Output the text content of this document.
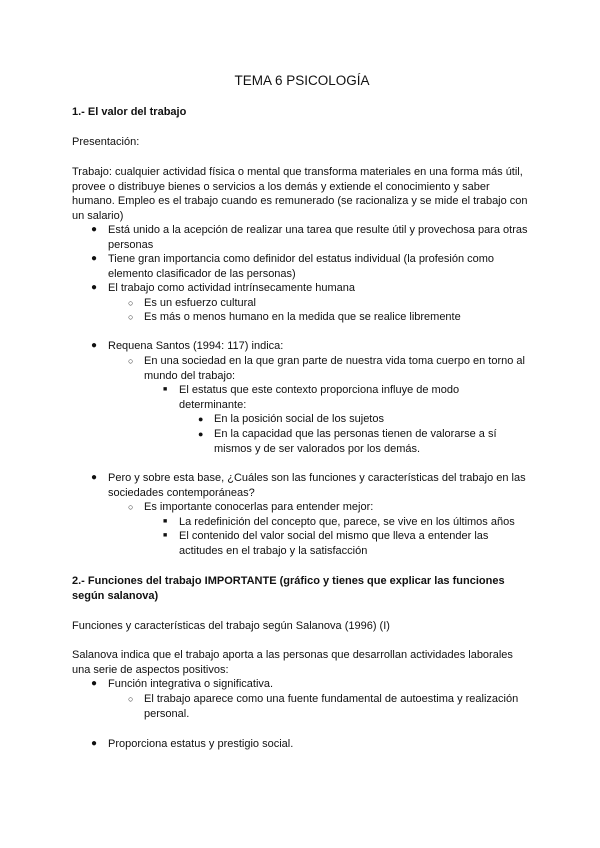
TEMA 6 PSICOLOGÍA
1.- El valor del trabajo
Presentación:
Trabajo: cualquier actividad física o mental que transforma materiales en una forma más útil, provee o distribuye bienes o servicios a los demás y extiende el conocimiento y saber humano. Empleo es el trabajo cuando es remunerado (se racionaliza y se mide el trabajo con un salario)
● Está unido a la acepción de realizar una tarea que resulte útil y provechosa para otras personas
● Tiene gran importancia como definidor del estatus individual (la profesión como elemento clasificador de las personas)
● El trabajo como actividad intrínsecamente humana
○ Es un esfuerzo cultural
○ Es más o menos humano en la medida que se realice libremente
● Requena Santos (1994: 117) indica:
○ En una sociedad en la que gran parte de nuestra vida toma cuerpo en torno al mundo del trabajo:
■ El estatus que este contexto proporciona influye de modo determinante:
● En la posición social de los sujetos
● En la capacidad que las personas tienen de valorarse a sí mismos y de ser valorados por los demás.
● Pero y sobre esta base, ¿Cuáles son las funciones y características del trabajo en las sociedades contemporáneas?
○ Es importante conocerlas para entender mejor:
■ La redefinición del concepto que, parece, se vive en los últimos años
■ El contenido del valor social del mismo que lleva a entender las actitudes en el trabajo y la satisfacción
2.- Funciones del trabajo IMPORTANTE (gráfico y tienes que explicar las funciones según salanova)
Funciones y características del trabajo según Salanova (1996) (I)
Salanova indica que el trabajo aporta a las personas que desarrollan actividades laborales una serie de aspectos positivos:
● Función integrativa o significativa.
○ El trabajo aparece como una fuente fundamental de autoestima y realización personal.
● Proporciona estatus y prestigio social.
